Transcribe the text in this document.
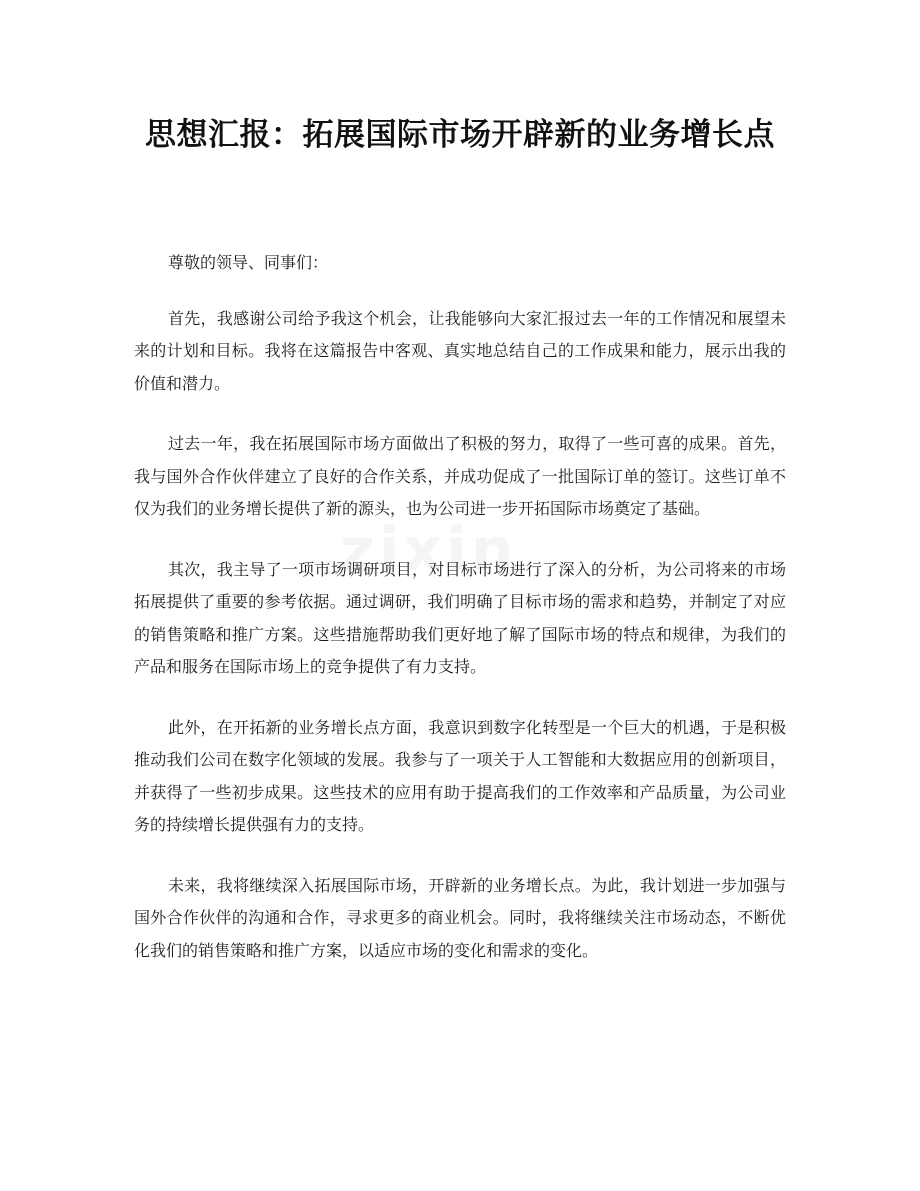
思想汇报：拓展国际市场开辟新的业务增长点
zixin

尊敬的领导、同事们：

首先，我感谢公司给予我这个机会，让我能够向大家汇报过去一年的工作情况和展望未来的计划和目标。我将在这篇报告中客观、真实地总结自己的工作成果和能力，展示出我的价值和潜力。

过去一年，我在拓展国际市场方面做出了积极的努力，取得了一些可喜的成果。首先，我与国外合作伙伴建立了良好的合作关系，并成功促成了一批国际订单的签订。这些订单不仅为我们的业务增长提供了新的源头，也为公司进一步开拓国际市场奠定了基础。

其次，我主导了一项市场调研项目，对目标市场进行了深入的分析，为公司将来的市场拓展提供了重要的参考依据。通过调研，我们明确了目标市场的需求和趋势，并制定了对应的销售策略和推广方案。这些措施帮助我们更好地了解了国际市场的特点和规律，为我们的产品和服务在国际市场上的竞争提供了有力支持。

此外，在开拓新的业务增长点方面，我意识到数字化转型是一个巨大的机遇，于是积极推动我们公司在数字化领域的发展。我参与了一项关于人工智能和大数据应用的创新项目，并获得了一些初步成果。这些技术的应用有助于提高我们的工作效率和产品质量，为公司业务的持续增长提供强有力的支持。

未来，我将继续深入拓展国际市场，开辟新的业务增长点。为此，我计划进一步加强与国外合作伙伴的沟通和合作，寻求更多的商业机会。同时，我将继续关注市场动态，不断优化我们的销售策略和推广方案，以适应市场的变化和需求的变化。
